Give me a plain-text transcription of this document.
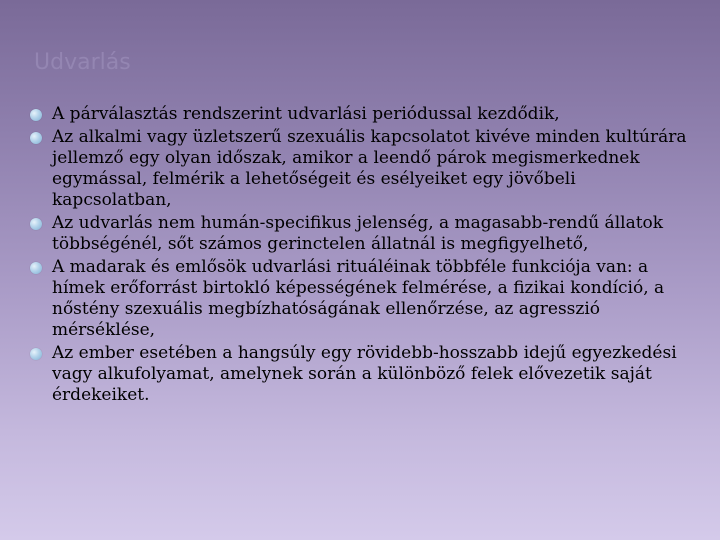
Udvarlás
A párválasztás rendszerint udvarlási periódussal kezdődik,
Az alkalmi vagy üzletszerű szexuális kapcsolatot kivéve minden kultúrára jellemző egy olyan időszak, amikor a leendő párok megismerkednek egymással, felmérik a lehetőségeit és esélyeiket egy jövőbeli kapcsolatban,
Az udvarlás nem humán-specifikus jelenség, a magasabb-rendű állatok többségénél, sőt számos gerinctelen állatnál is megfigyelhető,
A madarak és emlősök udvarlási rituáléinak többféle funkciója van: a hímek erőforrást birtokló képességének felmérése, a fizikai kondíció, a nőstény szexuális megbízhatóságának ellenőrzése, az agresszió mérséklése,
Az ember esetében a hangsúly egy rövidebb-hosszabb idejű egyezkedési vagy alkufolyamat, amelynek során a különböző felek elővezetik saját érdekeiket.
